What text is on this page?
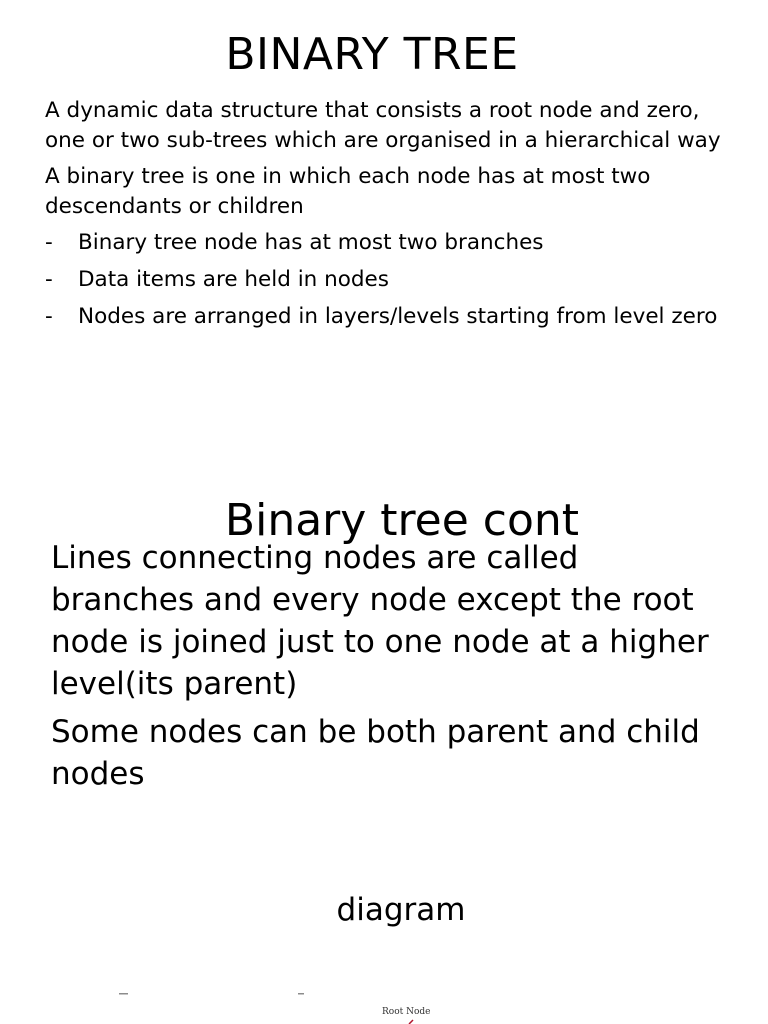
BINARY TREE

A dynamic data structure that consists a root node and zero, one or two sub-trees which are organised in a hierarchical way

A binary tree is one in which each node has at most two descendants or children

- Binary tree node has at most two branches
- Data items are held in nodes
- Nodes are arranged in layers/levels starting from level zero
Binary tree cont

Lines connecting nodes are called branches and every node except the root node is joined just to one node at a higher level(its parent)

Some nodes can be both parent and child nodes

diagram
Root Node
